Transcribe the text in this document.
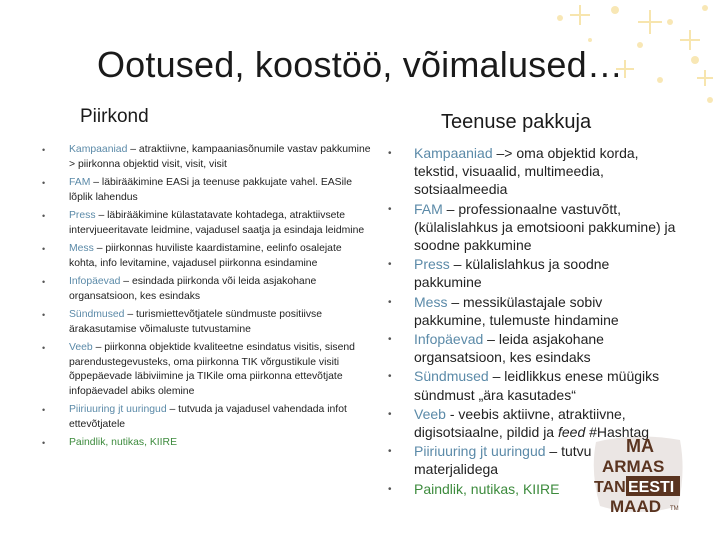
Ootused, koostöö, võimalused…
Piirkond	Teenuse pakkuja
• Kampaaniad – atraktiivne, kampaaniasõnumile vastav pakkumine > piirkonna objektid visit, visit, visit
• FAM – läbirääkimine EASi ja teenuse pakkujate vahel. EASile lõplik lahendus
• Press – läbirääkimine külastatavate kohtadega, atraktiivsete intervjueeritavate leidmine, vajadusel saatja ja esindaja leidmine
• Mess – piirkonnas huviliste kaardistamine, eelinfo osalejate kohta, info levitamine, vajadusel piirkonna esindamine
• Infopäevad – esindada piirkonda või leida asjakohane organsatsioon, kes esindaks
• Sündmused – turismiettevõtjatele sündmuste positiivse ärakasutamise võimaluste tutvustamine
• Veeb – piirkonna objektide kvaliteetne esindatus visitis, sisend parendustegevusteks, oma piirkonna TIK võrgustikule visiti õppepäevade läbiviimine ja TIKile oma piirkonna ettevõtjate infopäevadel abiks olemine
• Piiriuuring jt uuringud – tutvuda ja vajadusel vahendada infot ettevõtjatele
• Paindlik, nutikas, KIIRE
• Kampaaniad –> oma objektid korda, tekstid, visuaalid, multimeedia, sotsiaalmeedia
• FAM – professionaalne vastuvõtt, (külalislahkus ja emotsiooni pakkumine) ja soodne pakkumine
• Press – külalislahkus ja soodne pakkumine
• Mess – messikülastajale sobiv pakkumine, tulemuste hindamine
• Infopäevad – leida asjakohane organsatsioon, kes esindaks
• Sündmused – leidlikkus enese müügiks sündmust „ära kasutades“
• Veeb - veebis aktiivne, atraktiivne, digisotsiaalne, pildid ja feed #Hashtag
• Piiriuuring jt uuringud – tutvu materjalidega
• Paindlik, nutikas, KIIRE
MA
ARMAS
TAN EESTI
MAAD TM
